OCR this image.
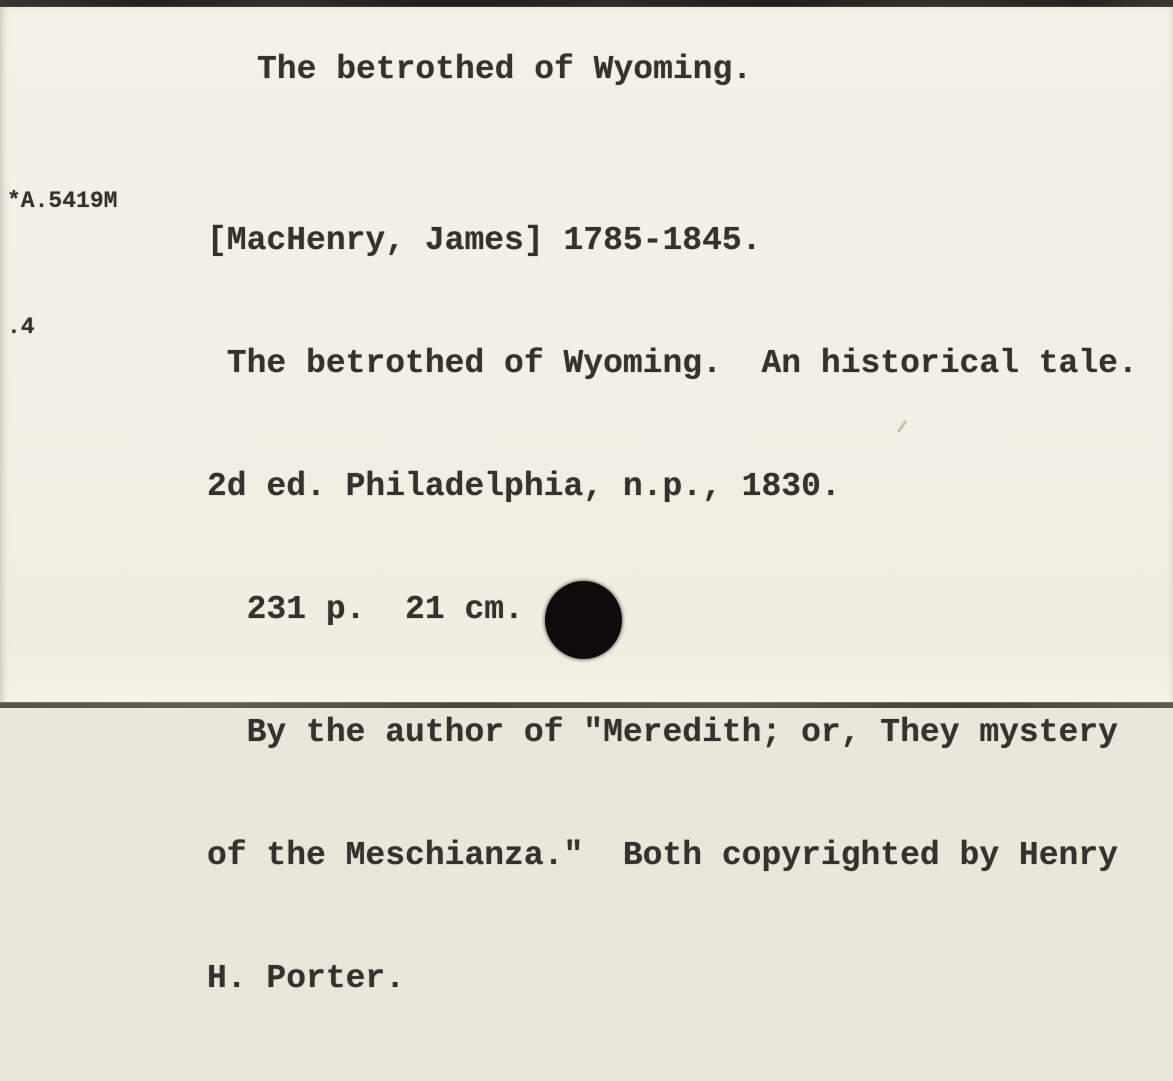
The betrothed of Wyoming.

*A.5419M

.4

[MacHenry, James] 1785-1845.

The betrothed of Wyoming.  An historical tale.

2d ed. Philadelphia, n.p., 1830.

231 p.  21 cm.

By the author of "Meredith; or, They mystery

of the Meschianza."  Both copyrighted by Henry

H. Porter.
